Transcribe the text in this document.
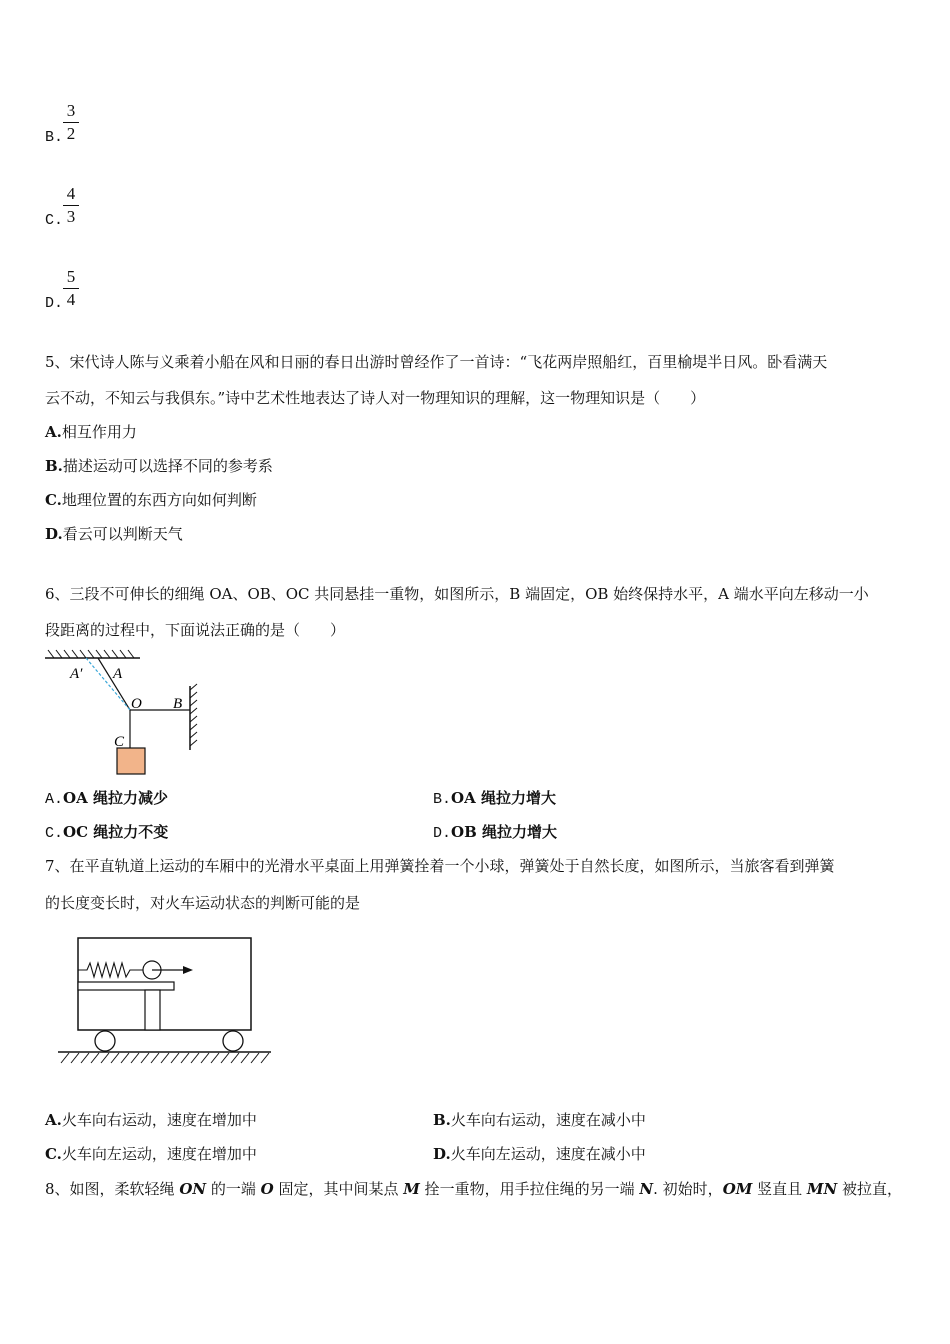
B.
3
2
C.
4
3
D.
5
4
5、宋代诗人陈与义乘着小船在风和日丽的春日出游时曾经作了一首诗：“飞花两岸照船红，百里榆堤半日风。卧看满天
云不动，不知云与我俱东。”诗中艺术性地表达了诗人对一物理知识的理解，这一物理知识是（　　）
A.相互作用力
B.描述运动可以选择不同的参考系
C.地理位置的东西方向如何判断
D.看云可以判断天气
6、三段不可伸长的细绳 OA、OB、OC 共同悬挂一重物，如图所示，B 端固定，OB 始终保持水平，A 端水平向左移动一小
段距离的过程中，下面说法正确的是（　　）
A′ A
O B
C
A.OA 绳拉力减少	B.OA 绳拉力增大
C.OC 绳拉力不变	D.OB 绳拉力增大
7、在平直轨道上运动的车厢中的光滑水平桌面上用弹簧拴着一个小球，弹簧处于自然长度，如图所示，当旅客看到弹簧
的长度变长时，对火车运动状态的判断可能的是
A.火车向右运动，速度在增加中	B.火车向右运动，速度在减小中
C.火车向左运动，速度在增加中	D.火车向左运动，速度在减小中
8、如图，柔软轻绳 ON 的一端 O 固定，其中间某点 M 拴一重物，用手拉住绳的另一端 N. 初始时，OM 竖直且 MN 被拉直，
